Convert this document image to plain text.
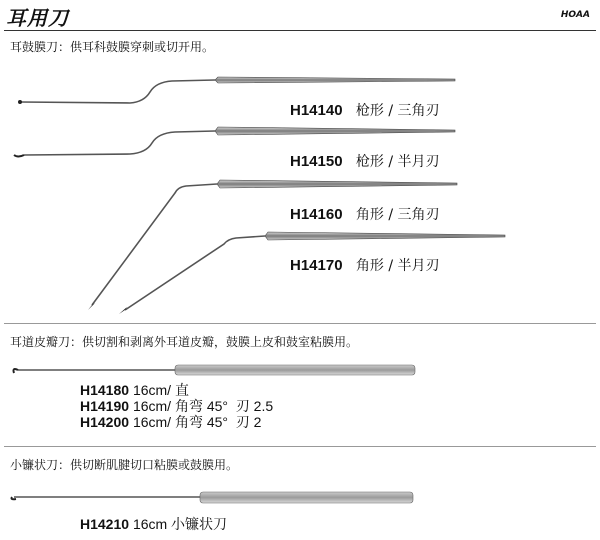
耳用刀	HOAA
耳鼓膜刀：供耳科鼓膜穿刺或切开用。
H14140 枪形 / 三角刃
H14150 枪形 / 半月刃
H14160 角形 / 三角刃
H14170 角形 / 半月刃
耳道皮瓣刀：供切割和剥离外耳道皮瓣，鼓膜上皮和鼓室粘膜用。
H14180 16cm/ 直
H14190 16cm/ 角弯 45°  刃 2.5
H14200 16cm/ 角弯 45°  刃 2
小镰状刀：供切断肌腱切口粘膜或鼓膜用。
H14210 16cm 小镰状刀
